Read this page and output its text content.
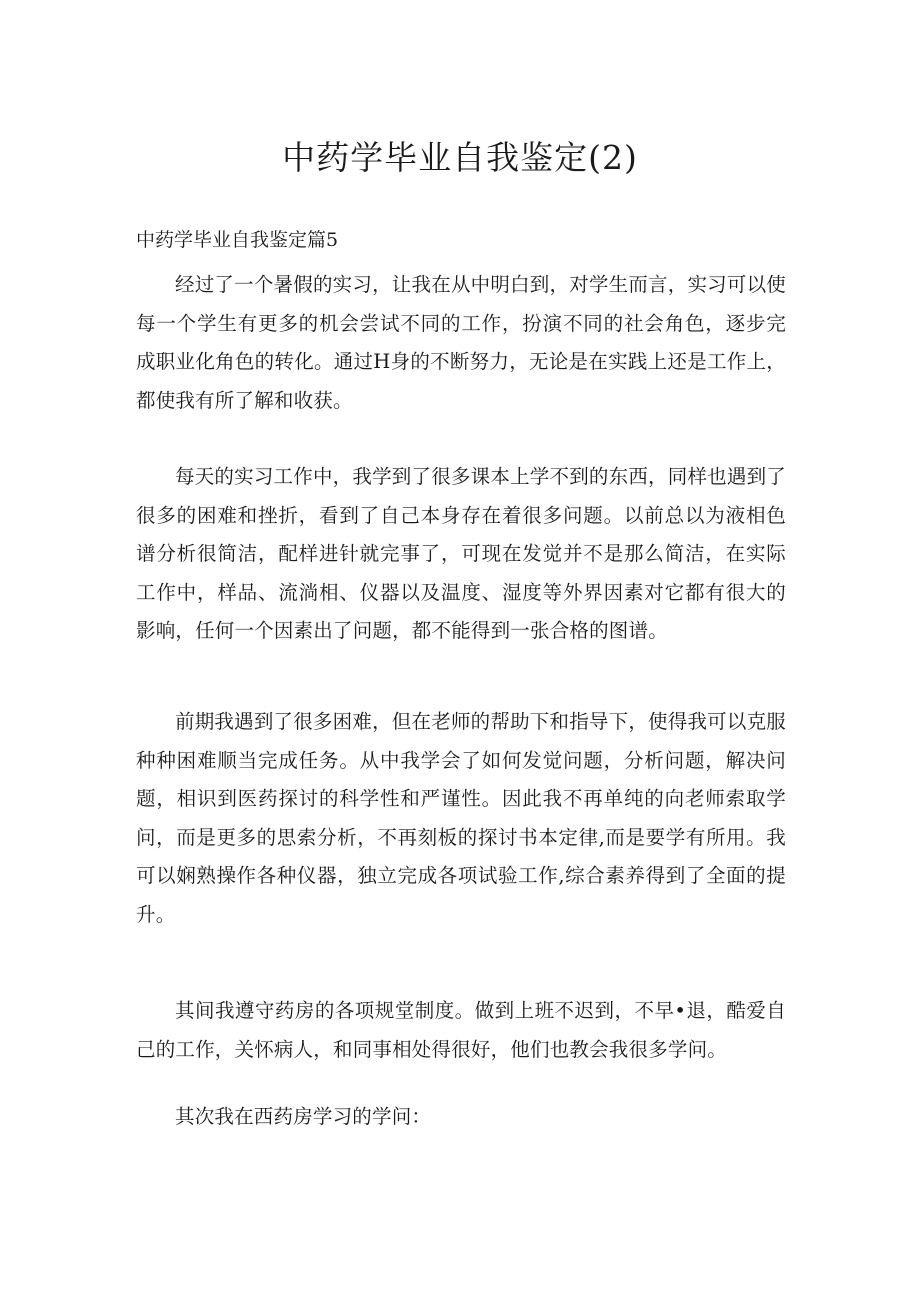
中药学毕业自我鉴定(2)

中药学毕业自我鉴定篇5

经过了一个暑假的实习，让我在从中明白到，对学生而言，实习可以使每一个学生有更多的机会尝试不同的工作，扮演不同的社会角色，逐步完成职业化角色的转化。通过H身的不断努力，无论是在实践上还是工作上，都使我有所了解和收获。

每天的实习工作中，我学到了很多课本上学不到的东西，同样也遇到了很多的困难和挫折，看到了自己本身存在着很多问题。以前总以为液相色谱分析很简洁，配样进针就完事了，可现在发觉并不是那么简洁，在实际工作中，样品、流淌相、仪器以及温度、湿度等外界因素对它都有很大的影响，任何一个因素出了问题，都不能得到一张合格的图谱。

前期我遇到了很多困难，但在老师的帮助下和指导下，使得我可以克服种种困难顺当完成任务。从中我学会了如何发觉问题，分析问题，解决问题，相识到医药探讨的科学性和严谨性。因此我不再单纯的向老师索取学问，而是更多的思索分析，不再刻板的探讨书本定律,而是要学有所用。我可以娴熟操作各种仪器，独立完成各项试验工作,综合素养得到了全面的提升。

其间我遵守药房的各项规堂制度。做到上班不迟到，不早•退，酷爱自己的工作，关怀病人，和同事相处得很好，他们也教会我很多学问。

其次我在西药房学习的学问：
